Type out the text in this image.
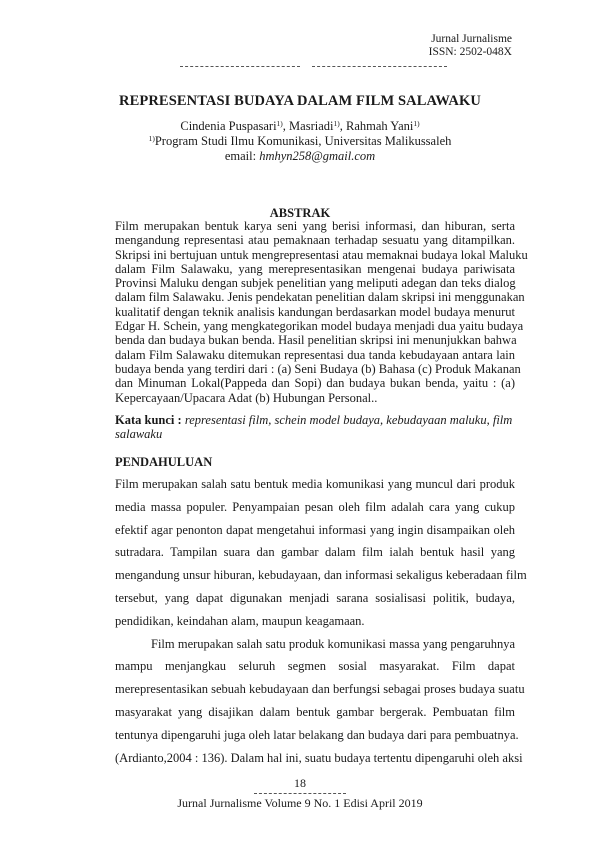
Jurnal Jurnalisme
ISSN: 2502-048X
REPRESENTASI BUDAYA DALAM FILM SALAWAKU
Cindenia Puspasari$^{1)}$, Masriadi$^{1)}$, Rahmah Yani$^{1)}$
$^{1)}$Program Studi Ilmu Komunikasi, Universitas Malikussaleh
email: hmhyn258@gmail.com
ABSTRAK
Film merupakan bentuk karya seni yang berisi informasi, dan hiburan, serta
mengandung representasi atau pemaknaan terhadap sesuatu yang ditampilkan.
Skripsi ini bertujuan untuk mengrepresentasi atau memaknai budaya lokal Maluku
dalam Film Salawaku, yang merepresentasikan mengenai budaya pariwisata
Provinsi Maluku dengan subjek penelitian yang meliputi adegan dan teks dialog
dalam film Salawaku. Jenis pendekatan penelitian dalam skripsi ini menggunakan
kualitatif dengan teknik analisis kandungan berdasarkan model budaya menurut
Edgar H. Schein, yang mengkategorikan model budaya menjadi dua yaitu budaya
benda dan budaya bukan benda. Hasil penelitian skripsi ini menunjukkan bahwa
dalam Film Salawaku ditemukan representasi dua tanda kebudayaan antara lain
budaya benda yang terdiri dari : (a) Seni Budaya (b) Bahasa (c) Produk Makanan
dan Minuman Lokal(Pappeda dan Sopi) dan budaya bukan benda, yaitu : (a)
Kepercayaan/Upacara Adat (b) Hubungan Personal..
Kata kunci : representasi film, schein model budaya, kebudayaan maluku, film salawaku
PENDAHULUAN
Film merupakan salah satu bentuk media komunikasi yang muncul dari produk
media massa populer. Penyampaian pesan oleh film adalah cara yang cukup
efektif agar penonton dapat mengetahui informasi yang ingin disampaikan oleh
sutradara. Tampilan suara dan gambar dalam film ialah bentuk hasil yang
mengandung unsur hiburan, kebudayaan, dan informasi sekaligus keberadaan film
tersebut, yang dapat digunakan menjadi sarana sosialisasi politik, budaya,
pendidikan, keindahan alam, maupun keagamaan.
Film merupakan salah satu produk komunikasi massa yang pengaruhnya
mampu menjangkau seluruh segmen sosial masyarakat. Film dapat
merepresentasikan sebuah kebudayaan dan berfungsi sebagai proses budaya suatu
masyarakat yang disajikan dalam bentuk gambar bergerak. Pembuatan film
tentunya dipengaruhi juga oleh latar belakang dan budaya dari para pembuatnya.
(Ardianto,2004 : 136). Dalam hal ini, suatu budaya tertentu dipengaruhi oleh aksi
18
Jurnal Jurnalisme Volume 9 No. 1 Edisi April 2019
